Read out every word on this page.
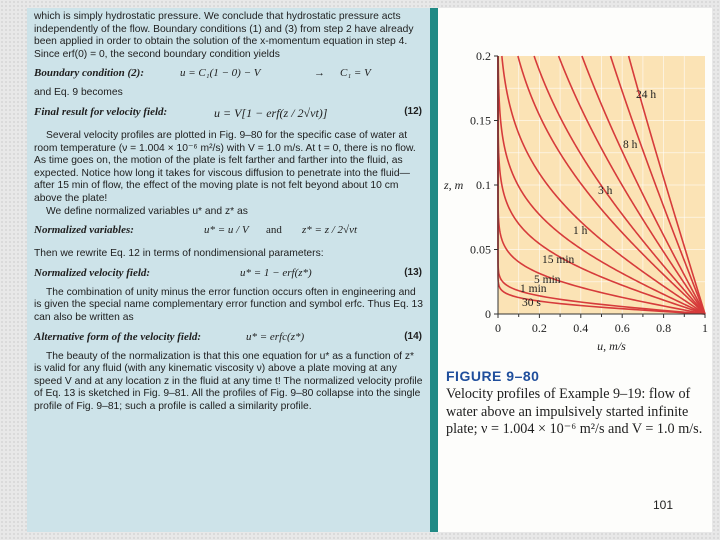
which is simply hydrostatic pressure. We conclude that hydrostatic pressure acts independently of the flow. Boundary conditions (1) and (3) from step 2 have already been applied in order to obtain the solution of the x-momentum equation in step 4. Since erf(0) = 0, the second boundary condition yields

Boundary condition (2):	u = C₁(1 − 0) − V	→ C₁ = V

and Eq. 9 becomes

Final result for velocity field:	u = V[1 − erf(z / 2√νt)]	(12)

Several velocity profiles are plotted in Fig. 9–80 for the specific case of water at room temperature (ν = 1.004 × 10⁻⁶ m²/s) with V = 1.0 m/s. At t = 0, there is no flow. As time goes on, the motion of the plate is felt farther and farther into the fluid, as expected. Notice how long it takes for viscous diffusion to penetrate into the fluid—after 15 min of flow, the effect of the moving plate is not felt beyond about 10 cm above the plate!

We define normalized variables u* and z* as

Normalized variables:	u* = u / V and z* = z / 2√νt

Then we rewrite Eq. 12 in terms of nondimensional parameters:

Normalized velocity field:	u* = 1 − erf(z*)	(13)

The combination of unity minus the error function occurs often in engineering and is given the special name complementary error function and symbol erfc. Thus Eq. 13 can also be written as

Alternative form of the velocity field:	u* = erfc(z*)	(14)

The beauty of the normalization is that this one equation for u* as a function of z* is valid for any fluid (with any kinematic viscosity ν) above a plate moving at any speed V and at any location z in the fluid at any time t! The normalized velocity profile of Eq. 13 is sketched in Fig. 9–81. All the profiles of Fig. 9–80 collapse into the single profile of Fig. 9–81; such a profile is called a similarity profile.

30 s
1 min
5 min
15 min
1 h
3 h
8 h
24 h
0	0.2 0.4 0.6 0.8	1
0
0.05
0.1
0.15
0.2
u, m/s
z, m
FIGURE 9–80
Velocity profiles of Example 9–19: flow of water above an impulsively started infinite plate; ν = 1.004 × 10⁻⁶ m²/s and V = 1.0 m/s.
101
